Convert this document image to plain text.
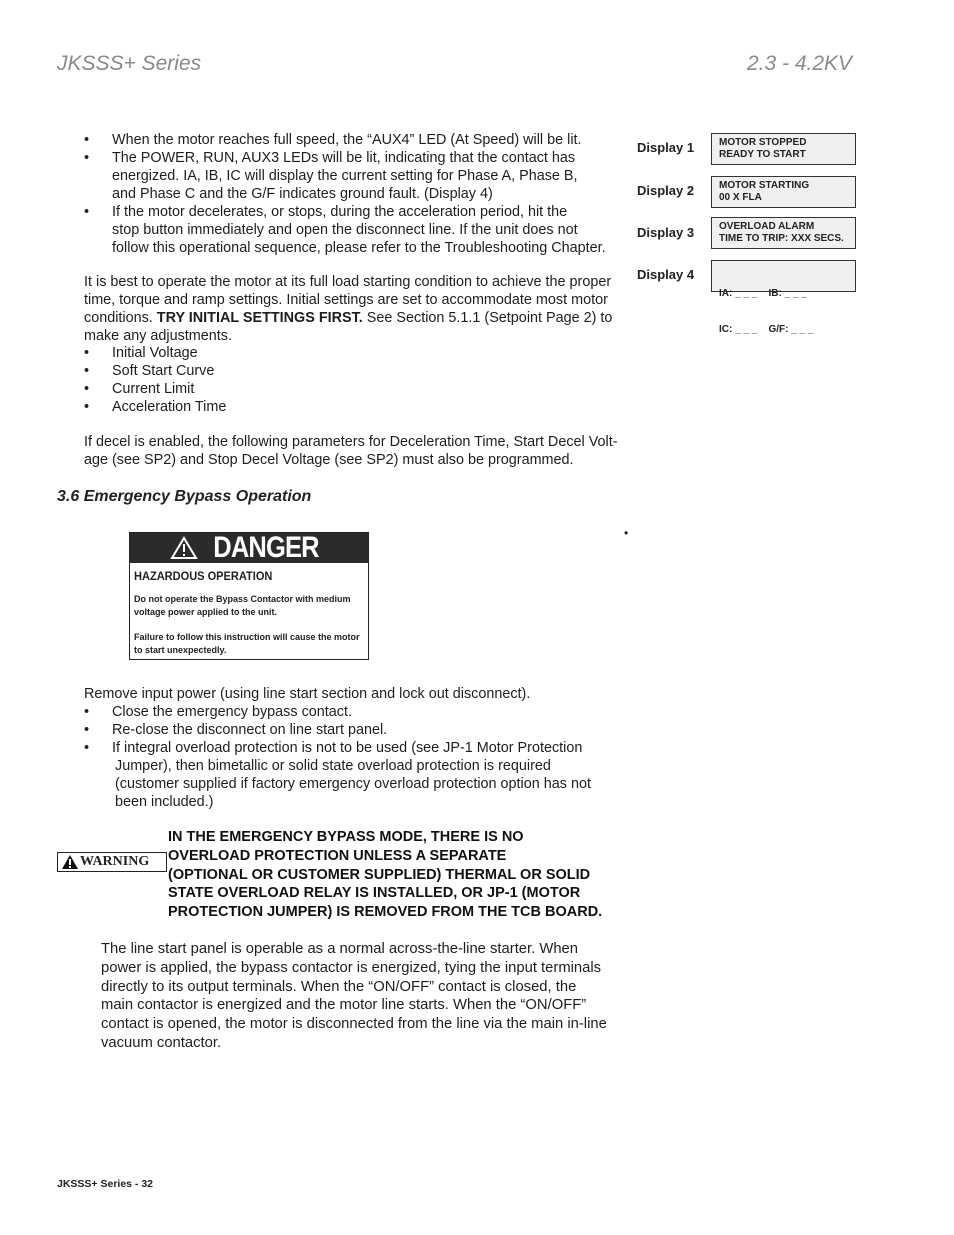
JKSSS+ Series	2.3 - 4.2KV
• When the motor reaches full speed, the “AUX4” LED (At Speed) will be lit.
• The POWER, RUN, AUX3 LEDs will be lit, indicating that the contact has
energized. IA, IB, IC will display the current setting for Phase A, Phase B,
and Phase C and the G/F indicates ground fault. (Display 4)
• If the motor decelerates, or stops, during the acceleration period, hit the
stop button immediately and open the disconnect line. If the unit does not
follow this operational sequence, please refer to the Troubleshooting Chapter.
Display 1 MOTOR STOPPED
READY TO START
Display 2 MOTOR STARTING
00 X FLA
Display 3 OVERLOAD ALARM
TIME TO TRIP: XXX SECS.
Display 4

IA: _ _ _    IB: _ _ _

IC: _ _ _    G/F: _ _ _

It is best to operate the motor at its full load starting condition to achieve the proper
time, torque and ramp settings. Initial settings are set to accommodate most motor
conditions. TRY INITIAL SETTINGS FIRST. See Section 5.1.1 (Setpoint Page 2) to
make any adjustments.
• Initial Voltage
• Soft Start Curve
• Current Limit
• Acceleration Time
If decel is enabled, the following parameters for Deceleration Time, Start Decel Volt-
age (see SP2) and Stop Decel Voltage (see SP2) must also be programmed.
3.6 Emergency Bypass Operation
•
DANGER
HAZARDOUS OPERATION
Do not operate the Bypass Contactor with medium voltage power applied to the unit.
Failure to follow this instruction will cause the motor to start unexpectedly.
Remove input power (using line start section and lock out disconnect).
• Close the emergency bypass contact.
• Re-close the disconnect on line start panel.
• If integral overload protection is not to be used (see JP-1 Motor Protection
Jumper), then bimetallic or solid state overload protection is required
(customer supplied if factory emergency overload protection option has not
been included.)
WARNING
IN THE EMERGENCY BYPASS MODE, THERE IS NO
OVERLOAD PROTECTION UNLESS A SEPARATE
(OPTIONAL OR CUSTOMER SUPPLIED) THERMAL OR SOLID
STATE OVERLOAD RELAY IS INSTALLED, OR JP-1 (MOTOR
PROTECTION JUMPER) IS REMOVED FROM THE TCB BOARD.
The line start panel is operable as a normal across-the-line starter. When
power is applied, the bypass contactor is energized, tying the input terminals
directly to its output terminals. When the “ON/OFF” contact is closed, the
main contactor is energized and the motor line starts. When the “ON/OFF”
contact is opened, the motor is disconnected from the line via the main in-line
vacuum contactor.
JKSSS+ Series - 32
